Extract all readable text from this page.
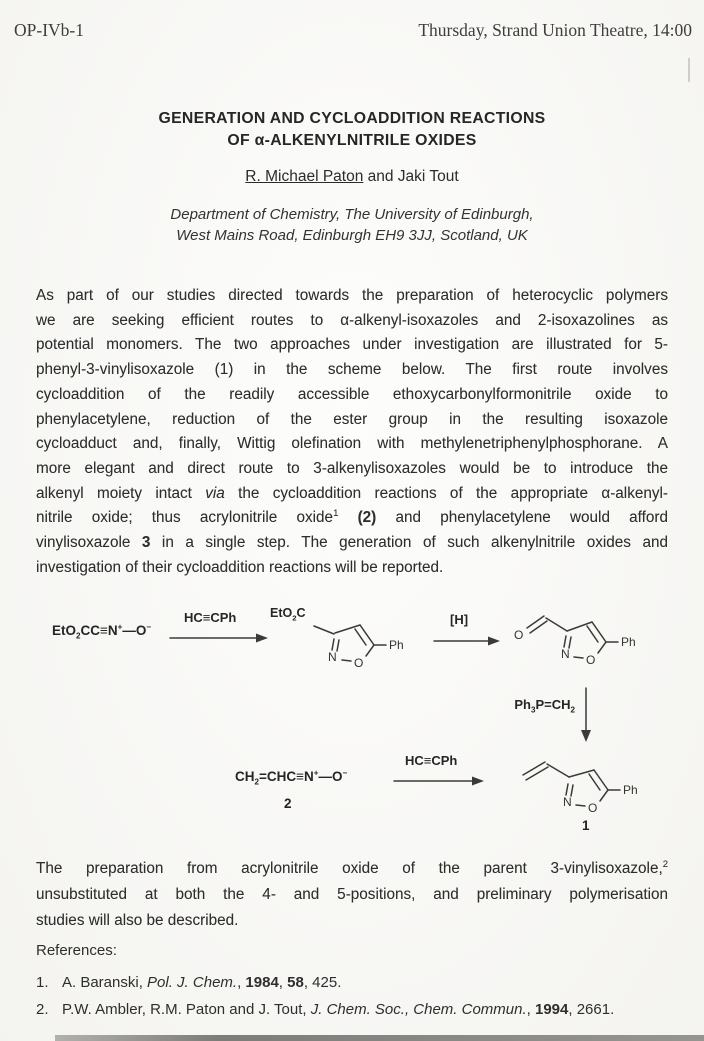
OP-IVb-1	Thursday, Strand Union Theatre, 14:00
GENERATION AND CYCLOADDITION REACTIONS
OF α-ALKENYLNITRILE OXIDES
R. Michael Paton and Jaki Tout
Department of Chemistry, The University of Edinburgh,
West Mains Road, Edinburgh EH9 3JJ, Scotland, UK
As part of our studies directed towards the preparation of heterocyclic polymers
we are seeking efficient routes to α-alkenyl-isoxazoles and 2-isoxazolines as
potential monomers. The two approaches under investigation are illustrated for 5-
phenyl-3-vinylisoxazole (1) in the scheme below. The first route involves
cycloaddition of the readily accessible ethoxycarbonylformonitrile oxide to
phenylacetylene, reduction of the ester group in the resulting isoxazole
cycloadduct and, finally, Wittig olefination with methylenetriphenylphosphorane. A
more elegant and direct route to 3-alkenylisoxazoles would be to introduce the
alkenyl moiety intact via the cycloaddition reactions of the appropriate α-alkenyl-
nitrile oxide; thus acrylonitrile oxide$^1$ (2) and phenylacetylene would afford
vinylisoxazole 3 in a single step. The generation of such alkenylnitrile oxides and
investigation of their cycloaddition reactions will be reported.
EtO$_2$CC≡N+—O−
HC≡CPh	EtO$_2$C
N O
Ph
[H]
O
N O
Ph
$Ph_3P=CH_2$
$CH_2=CHC\equiv N^+—O^-$
2
HC≡CPh
N O
Ph
1
The preparation from acrylonitrile oxide of the parent 3-vinylisoxazole,$^2$
unsubstituted at both the 4- and 5-positions, and preliminary polymerisation
studies will also be described.
References:
1. A. Baranski, Pol. J. Chem., 1984, 58, 425.
2. P.W. Ambler, R.M. Paton and J. Tout, J. Chem. Soc., Chem. Commun., 1994, 2661.
